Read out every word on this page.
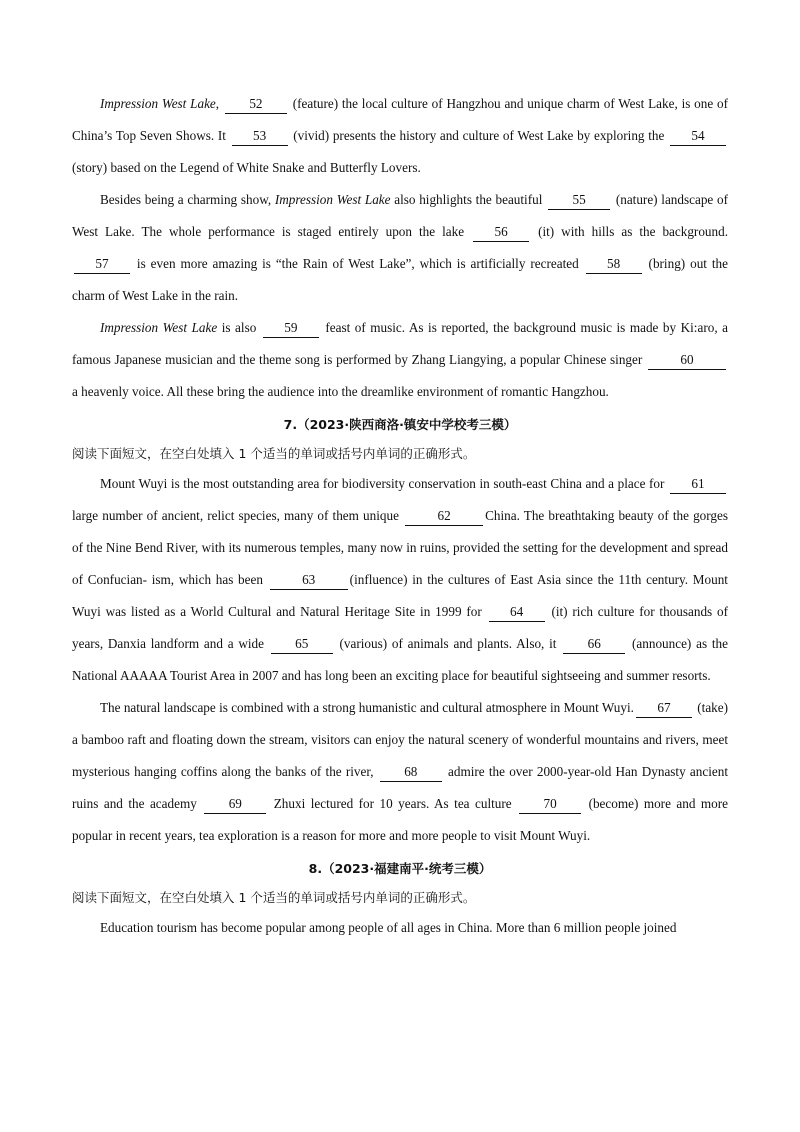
Impression West Lake, 52 (feature) the local culture of Hangzhou and unique charm of West Lake, is one of China’s Top Seven Shows. It 53 (vivid) presents the history and culture of West Lake by exploring the 54 (story) based on the Legend of White Snake and Butterfly Lovers.

Besides being a charming show, Impression West Lake also highlights the beautiful 55 (nature) landscape of West Lake. The whole performance is staged entirely upon the lake 56 (it) with hills as the background. 57 is even more amazing is “the Rain of West Lake”, which is artificially recreated 58 (bring) out the charm of West Lake in the rain.

Impression West Lake is also 59 feast of music. As is reported, the background music is made by Ki:aro, a famous Japanese musician and the theme song is performed by Zhang Liangying, a popular Chinese singer	60 a heavenly voice. All these bring the audience into the dreamlike environment of romantic Hangzhou.

7.（2023·陕西商洛·镇安中学校考三模）

阅读下面短文，在空白处填入 1 个适当的单词或括号内单词的正确形式。

Mount Wuyi is the most outstanding area for biodiversity conservation in south-east China and a place for 61 large number of ancient, relict species, many of them unique	62	China. The breathtaking beauty of the gorges of the Nine Bend River, with its numerous temples, many now in ruins, provided the setting for the development and spread of Confucian- ism, which has been	63	(influence) in the cultures of East Asia since the 11th century. Mount Wuyi was listed as a World Cultural and Natural Heritage Site in 1999 for 64 (it) rich culture for thousands of years, Danxia landform and a wide 65 (various) of animals and plants. Also, it 66 (announce) as the National AAAAA Tourist Area in 2007 and has long been an exciting place for beautiful sightseeing and summer resorts.

The natural landscape is combined with a strong humanistic and cultural atmosphere in Mount Wuyi. 67 (take) a bamboo raft and floating down the stream, visitors can enjoy the natural scenery of wonderful mountains and rivers, meet mysterious hanging coffins along the banks of the river, 68 admire the over 2000-year-old Han Dynasty ancient ruins and the academy 69 Zhuxi lectured for 10 years. As tea culture 70 (become) more and more popular in recent years, tea exploration is a reason for more and more people to visit Mount Wuyi.

8.（2023·福建南平·统考三模）

阅读下面短文，在空白处填入 1 个适当的单词或括号内单词的正确形式。

Education tourism has become popular among people of all ages in China. More than 6 million people joined
